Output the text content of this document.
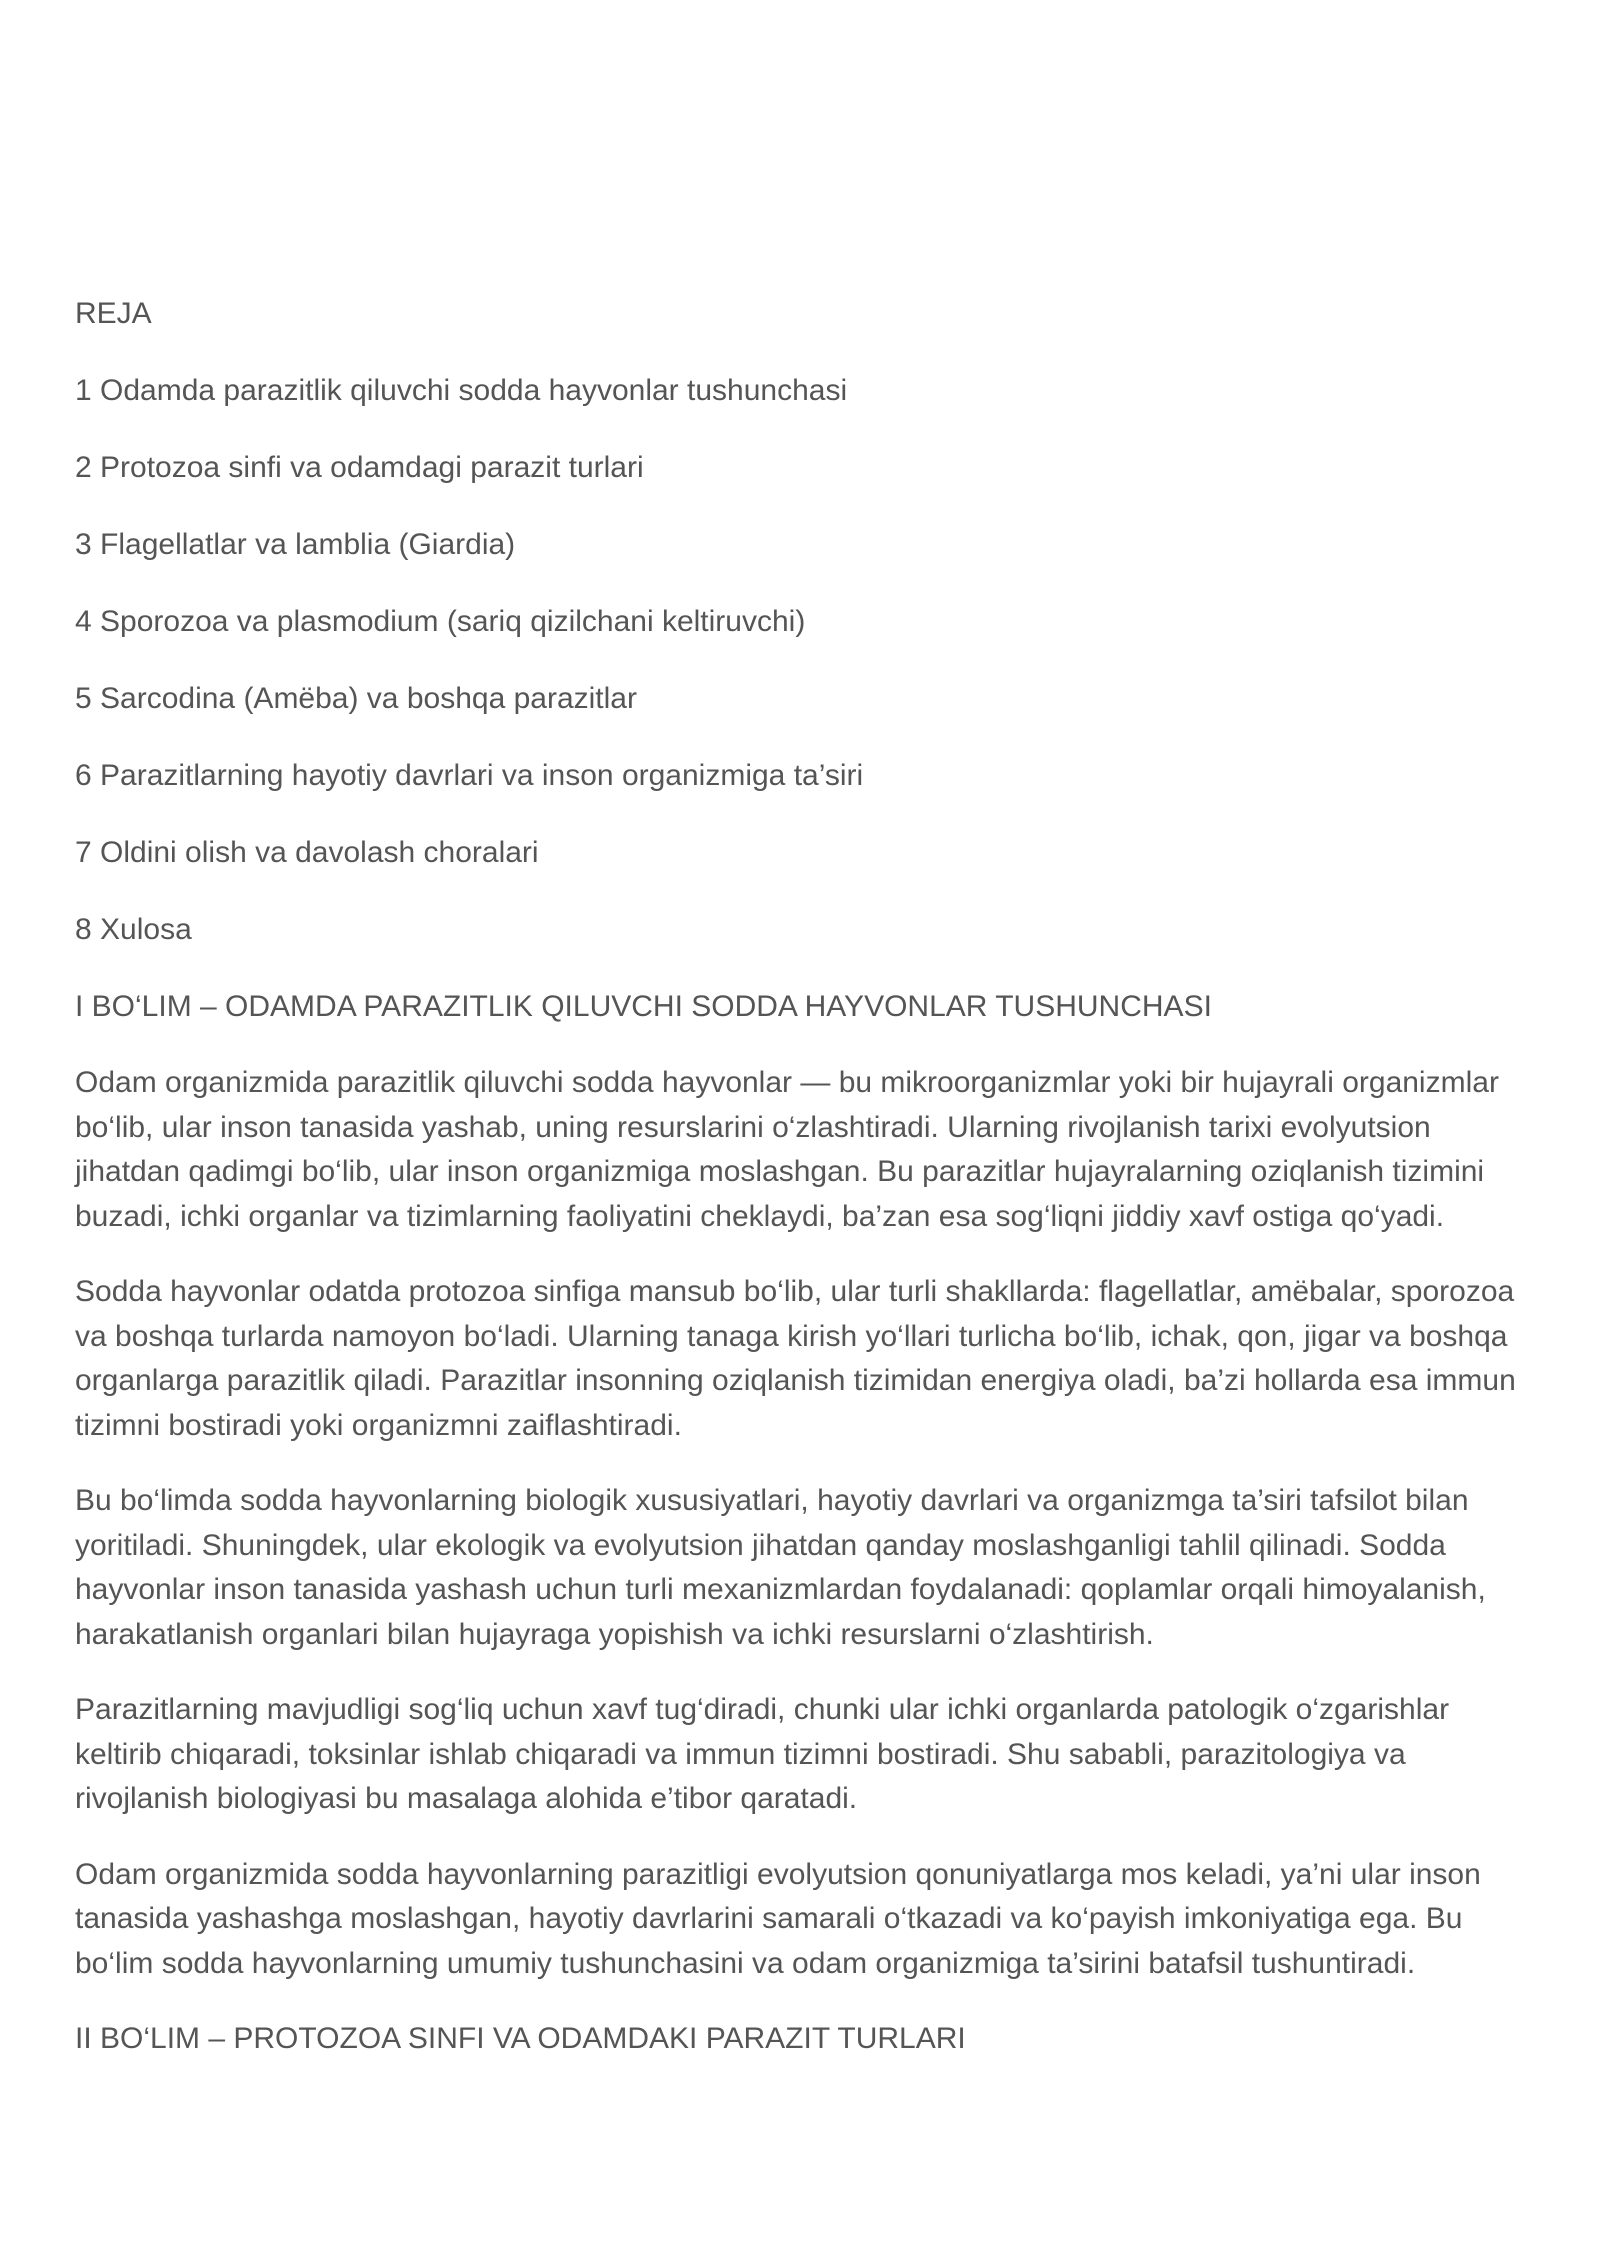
REJA
1 Odamda parazitlik qiluvchi sodda hayvonlar tushunchasi
2 Protozoa sinfi va odamdagi parazit turlari
3 Flagellatlar va lamblia (Giardia)
4 Sporozoa va plasmodium (sariq qizilchani keltiruvchi)
5 Sarcodina (Amёba) va boshqa parazitlar
6 Parazitlarning hayotiy davrlari va inson organizmiga ta’siri
7 Oldini olish va davolash choralari
8 Xulosa
I BO‘LIM – ODAMDA PARAZITLIK QILUVCHI SODDA HAYVONLAR TUSHUNCHASI

Odam organizmida parazitlik qiluvchi sodda hayvonlar — bu mikroorganizmlar yoki bir hujayrali organizmlar bo‘lib, ular inson tanasida yashab, uning resurslarini o‘zlashtiradi. Ularning rivojlanish tarixi evolyutsion jihatdan qadimgi bo‘lib, ular inson organizmiga moslashgan. Bu parazitlar hujayralarning oziqlanish tizimini buzadi, ichki organlar va tizimlarning faoliyatini cheklaydi, ba’zan esa sog‘liqni jiddiy xavf ostiga qo‘yadi.

Sodda hayvonlar odatda protozoa sinfiga mansub bo‘lib, ular turli shakllarda: flagellatlar, amёbalar, sporozoa va boshqa turlarda namoyon bo‘ladi. Ularning tanaga kirish yo‘llari turlicha bo‘lib, ichak, qon, jigar va boshqa organlarga parazitlik qiladi. Parazitlar insonning oziqlanish tizimidan energiya oladi, ba’zi hollarda esa immun tizimni bostiradi yoki organizmni zaiflashtiradi.

Bu bo‘limda sodda hayvonlarning biologik xususiyatlari, hayotiy davrlari va organizmga ta’siri tafsilot bilan yoritiladi. Shuningdek, ular ekologik va evolyutsion jihatdan qanday moslashganligi tahlil qilinadi. Sodda hayvonlar inson tanasida yashash uchun turli mexanizmlardan foydalanadi: qoplamlar orqali himoyalanish, harakatlanish organlari bilan hujayraga yopishish va ichki resurslarni o‘zlashtirish.

Parazitlarning mavjudligi sog‘liq uchun xavf tug‘diradi, chunki ular ichki organlarda patologik o‘zgarishlar keltirib chiqaradi, toksinlar ishlab chiqaradi va immun tizimni bostiradi. Shu sababli, parazitologiya va rivojlanish biologiyasi bu masalaga alohida e’tibor qaratadi.

Odam organizmida sodda hayvonlarning parazitligi evolyutsion qonuniyatlarga mos keladi, ya’ni ular inson tanasida yashashga moslashgan, hayotiy davrlarini samarali o‘tkazadi va ko‘payish imkoniyatiga ega. Bu bo‘lim sodda hayvonlarning umumiy tushunchasini va odam organizmiga ta’sirini batafsil tushuntiradi.

II BO‘LIM – PROTOZOA SINFI VA ODAMDAKI PARAZIT TURLARI
